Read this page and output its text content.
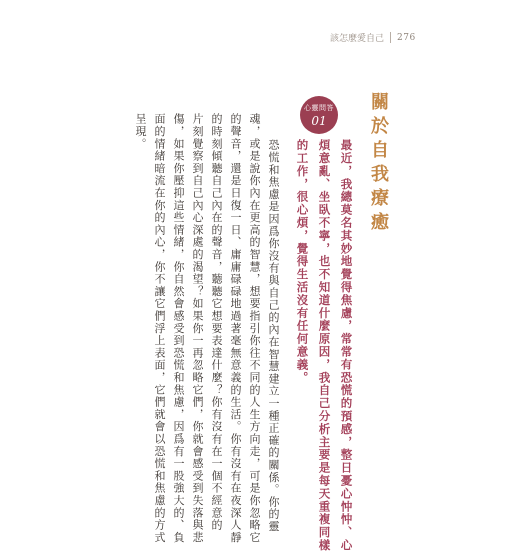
該怎麼愛自己 276
關於自我療癒
心靈問答
01
最近，我總莫名其妙地覺得焦慮，常常有恐慌的預感，整日憂心忡忡、心
煩意亂、坐臥不寧，也不知道什麼原因，我自己分析主要是每天重複同樣
的工作，很心煩，覺得生活沒有任何意義。
恐慌和焦慮是因爲你沒有與自己的內在智慧建立一種正確的關係。你的靈
魂，或是說你內在更高的智慧，想要指引你往不同的人生方向走，可是你忽略它
的聲音，還是日復一日、庸庸碌碌地過著毫無意義的生活。你有沒有在夜深人靜
的時刻傾聽自己內在的聲音，聽聽它想要表達什麼？你有沒有在一個不經意的
片刻覺察到自己內心深處的渴望？如果你一再忽略它們，你就會感受到失落與悲
傷，如果你壓抑這些情緒，你自然會感受到恐慌和焦慮，因爲有一股強大的、負
面的情緒暗流在你的內心，你不讓它們浮上表面，它們就會以恐慌和焦慮的方式
呈現。
